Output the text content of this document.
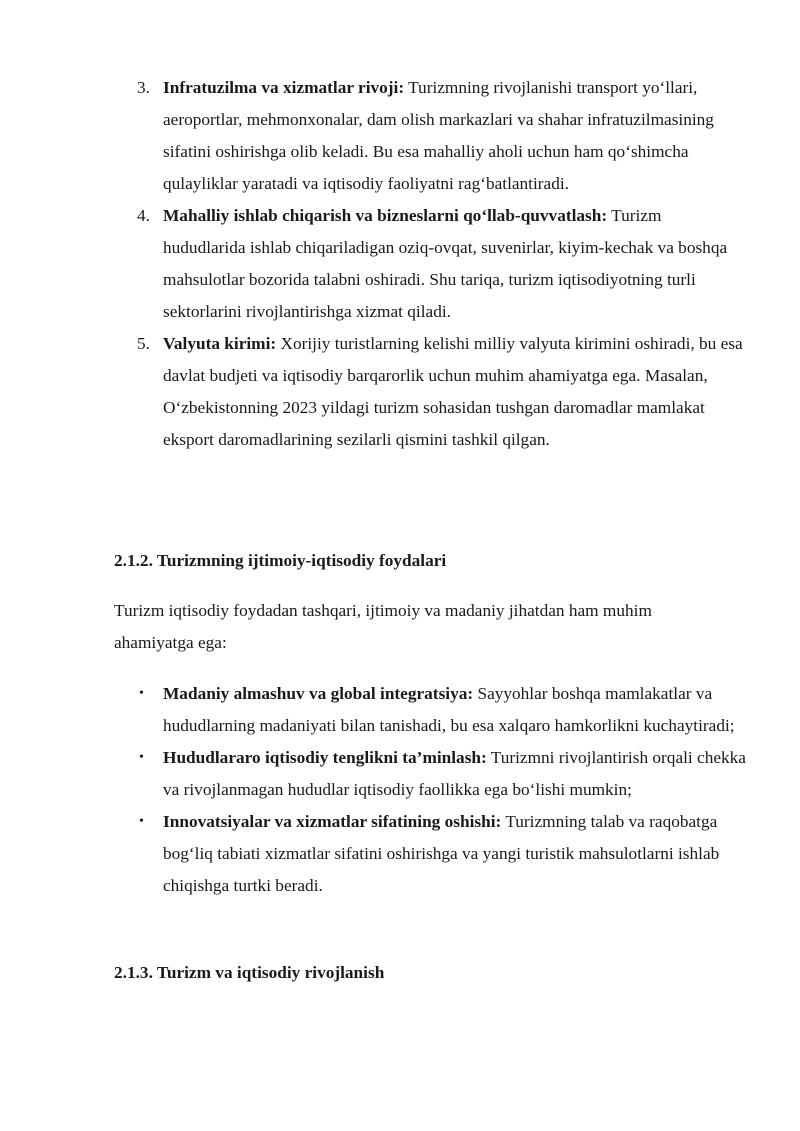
3. Infratuzilma va xizmatlar rivoji: Turizmning rivojlanishi transport yo‘llari, aeroportlar, mehmonxonalar, dam olish markazlari va shahar infratuzilmasining sifatini oshirishga olib keladi. Bu esa mahalliy aholi uchun ham qo‘shimcha qulayliklar yaratadi va iqtisodiy faoliyatni rag‘batlantiradi.
4. Mahalliy ishlab chiqarish va bizneslarni qo‘llab-quvvatlash: Turizm hududlarida ishlab chiqariladigan oziq-ovqat, suvenirlar, kiyim-kechak va boshqa mahsulotlar bozorida talabni oshiradi. Shu tariqa, turizm iqtisodiyotning turli sektorlarini rivojlantirishga xizmat qiladi.
5. Valyuta kirimi: Xorijiy turistlarning kelishi milliy valyuta kirimini oshiradi, bu esa davlat budjeti va iqtisodiy barqarorlik uchun muhim ahamiyatga ega. Masalan, O‘zbekistonning 2023 yildagi turizm sohasidan tushgan daromadlar mamlakat eksport daromadlarining sezilarli qismini tashkil qilgan.
2.1.2. Turizmning ijtimoiy-iqtisodiy foydalari

Turizm iqtisodiy foydadan tashqari, ijtimoiy va madaniy jihatdan ham muhim ahamiyatga ega:

• Madaniy almashuv va global integratsiya: Sayyohlar boshqa mamlakatlar va hududlarning madaniyati bilan tanishadi, bu esa xalqaro hamkorlikni kuchaytiradi;
• Hududlararo iqtisodiy tenglikni ta’minlash: Turizmni rivojlantirish orqali chekka va rivojlanmagan hududlar iqtisodiy faollikka ega bo‘lishi mumkin;
• Innovatsiyalar va xizmatlar sifatining oshishi: Turizmning talab va raqobatga bog‘liq tabiati xizmatlar sifatini oshirishga va yangi turistik mahsulotlarni ishlab chiqishga turtki beradi.
2.1.3. Turizm va iqtisodiy rivojlanish
